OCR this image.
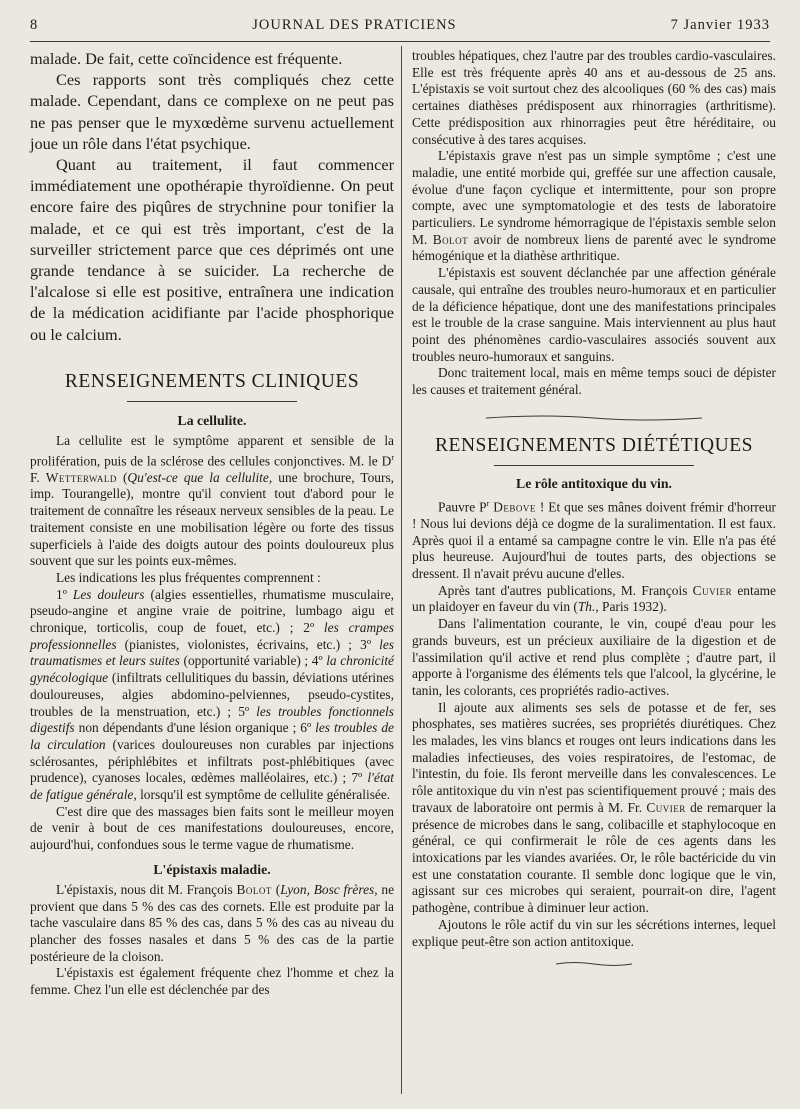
8	JOURNAL DES PRATICIENS	7 Janvier 1933

malade. De fait, cette coïncidence est fréquente.

Ces rapports sont très compliqués chez cette malade. Cependant, dans ce complexe on ne peut pas ne pas penser que le myxœdème survenu actuellement joue un rôle dans l'état psychique.

Quant au traitement, il faut commencer immédiatement une opothérapie thyroïdienne. On peut encore faire des piqûres de strychnine pour tonifier la malade, et ce qui est très important, c'est de la surveiller strictement parce que ces déprimés ont une grande tendance à se suicider. La recherche de l'alcalose si elle est positive, entraînera une indication de la médication acidifiante par l'acide phosphorique ou le calcium.

RENSEIGNEMENTS CLINIQUES

La cellulite.

La cellulite est le symptôme apparent et sensible de la prolifération, puis de la sclérose des cellules conjonctives. M. le $D^r$ F. Wetterwald (Qu'est-ce que la cellulite, une brochure, Tours, imp. Tourangelle), montre qu'il convient tout d'abord pour le traitement de connaître les réseaux nerveux sensibles de la peau. Le traitement consiste en une mobilisation légère ou forte des tissus superficiels à l'aide des doigts autour des points douloureux plus souvent que sur les points eux-mêmes.

Les indications les plus fréquentes comprennent :

1º Les douleurs (algies essentielles, rhumatisme musculaire, pseudo-angine et angine vraie de poitrine, lumbago aigu et chronique, torticolis, coup de fouet, etc.) ; 2º les crampes professionnelles (pianistes, violonistes, écrivains, etc.) ; 3º les traumatismes et leurs suites (opportunité variable) ; 4º la chronicité gynécologique (infiltrats cellulitiques du bassin, déviations utérines douloureuses, algies abdomino-pelviennes, pseudo-cystites, troubles de la menstruation, etc.) ; 5º les troubles fonctionnels digestifs non dépendants d'une lésion organique ; 6º les troubles de la circulation (varices douloureuses non curables par injections sclérosantes, périphlébites et infiltrats post-phlébitiques (avec prudence), cyanoses locales, œdèmes malléolaires, etc.) ; 7º l'état de fatigue générale, lorsqu'il est symptôme de cellulite généralisée.

C'est dire que des massages bien faits sont le meilleur moyen de venir à bout de ces manifestations douloureuses, encore, aujourd'hui, confondues sous le terme vague de rhumatisme.

L'épistaxis maladie.

L'épistaxis, nous dit M. François Bolot (Lyon, Bosc frères, ne provient que dans 5 % des cas des cornets. Elle est produite par la tache vasculaire dans 85 % des cas, dans 5 % des cas au niveau du plancher des fosses nasales et dans 5 % des cas de la partie postérieure de la cloison.

L'épistaxis est également fréquente chez l'homme et chez la femme. Chez l'un elle est déclenchée par des

troubles hépatiques, chez l'autre par des troubles cardio-vasculaires. Elle est très fréquente après 40 ans et au-dessous de 25 ans. L'épistaxis se voit surtout chez des alcooliques (60 % des cas) mais certaines diathèses prédisposent aux rhinorragies (arthritisme). Cette prédisposition aux rhinorragies peut être héréditaire, ou consécutive à des tares acquises.

L'épistaxis grave n'est pas un simple symptôme ; c'est une maladie, une entité morbide qui, greffée sur une affection causale, évolue d'une façon cyclique et intermittente, pour son propre compte, avec une symptomatologie et des tests de laboratoire particuliers. Le syndrome hémorragique de l'épistaxis semble selon M. Bolot avoir de nombreux liens de parenté avec le syndrome hémogénique et la diathèse arthritique.

L'épistaxis est souvent déclanchée par une affection générale causale, qui entraîne des troubles neuro-humoraux et en particulier de la déficience hépatique, dont une des manifestations principales est le trouble de la crase sanguine. Mais interviennent au plus haut point des phénomènes cardio-vasculaires associés souvent aux troubles neuro-humoraux et sanguins.

Donc traitement local, mais en même temps souci de dépister les causes et traitement général.

RENSEIGNEMENTS DIÉTÉTIQUES

Le rôle antitoxique du vin.

Pauvre $P^r$ Debove ! Et que ses mânes doivent frémir d'horreur ! Nous lui devions déjà ce dogme de la suralimentation. Il est faux. Après quoi il a entamé sa campagne contre le vin. Elle n'a pas été plus heureuse. Aujourd'hui de toutes parts, des objections se dressent. Il n'avait prévu aucune d'elles.

Après tant d'autres publications, M. François Cuvier entame un plaidoyer en faveur du vin (Th., Paris 1932).

Dans l'alimentation courante, le vin, coupé d'eau pour les grands buveurs, est un précieux auxiliaire de la digestion et de l'assimilation qu'il active et rend plus complète ; d'autre part, il apporte à l'organisme des éléments tels que l'alcool, la glycérine, le tanin, les colorants, ces propriétés radio-actives.

Il ajoute aux aliments ses sels de potasse et de fer, ses phosphates, ses matières sucrées, ses propriétés diurétiques. Chez les malades, les vins blancs et rouges ont leurs indications dans les maladies infectieuses, des voies respiratoires, de l'estomac, de l'intestin, du foie. Ils feront merveille dans les convalescences. Le rôle antitoxique du vin n'est pas scientifiquement prouvé ; mais des travaux de laboratoire ont permis à M. Fr. Cuvier de remarquer la présence de microbes dans le sang, colibacille et staphylocoque en général, ce qui confirmerait le rôle de ces agents dans les intoxications par les viandes avariées. Or, le rôle bactéricide du vin est une constatation courante. Il semble donc logique que le vin, agissant sur ces microbes qui seraient, pourrait-on dire, l'agent pathogène, contribue à diminuer leur action.

Ajoutons le rôle actif du vin sur les sécrétions internes, lequel explique peut-être son action antitoxique.
